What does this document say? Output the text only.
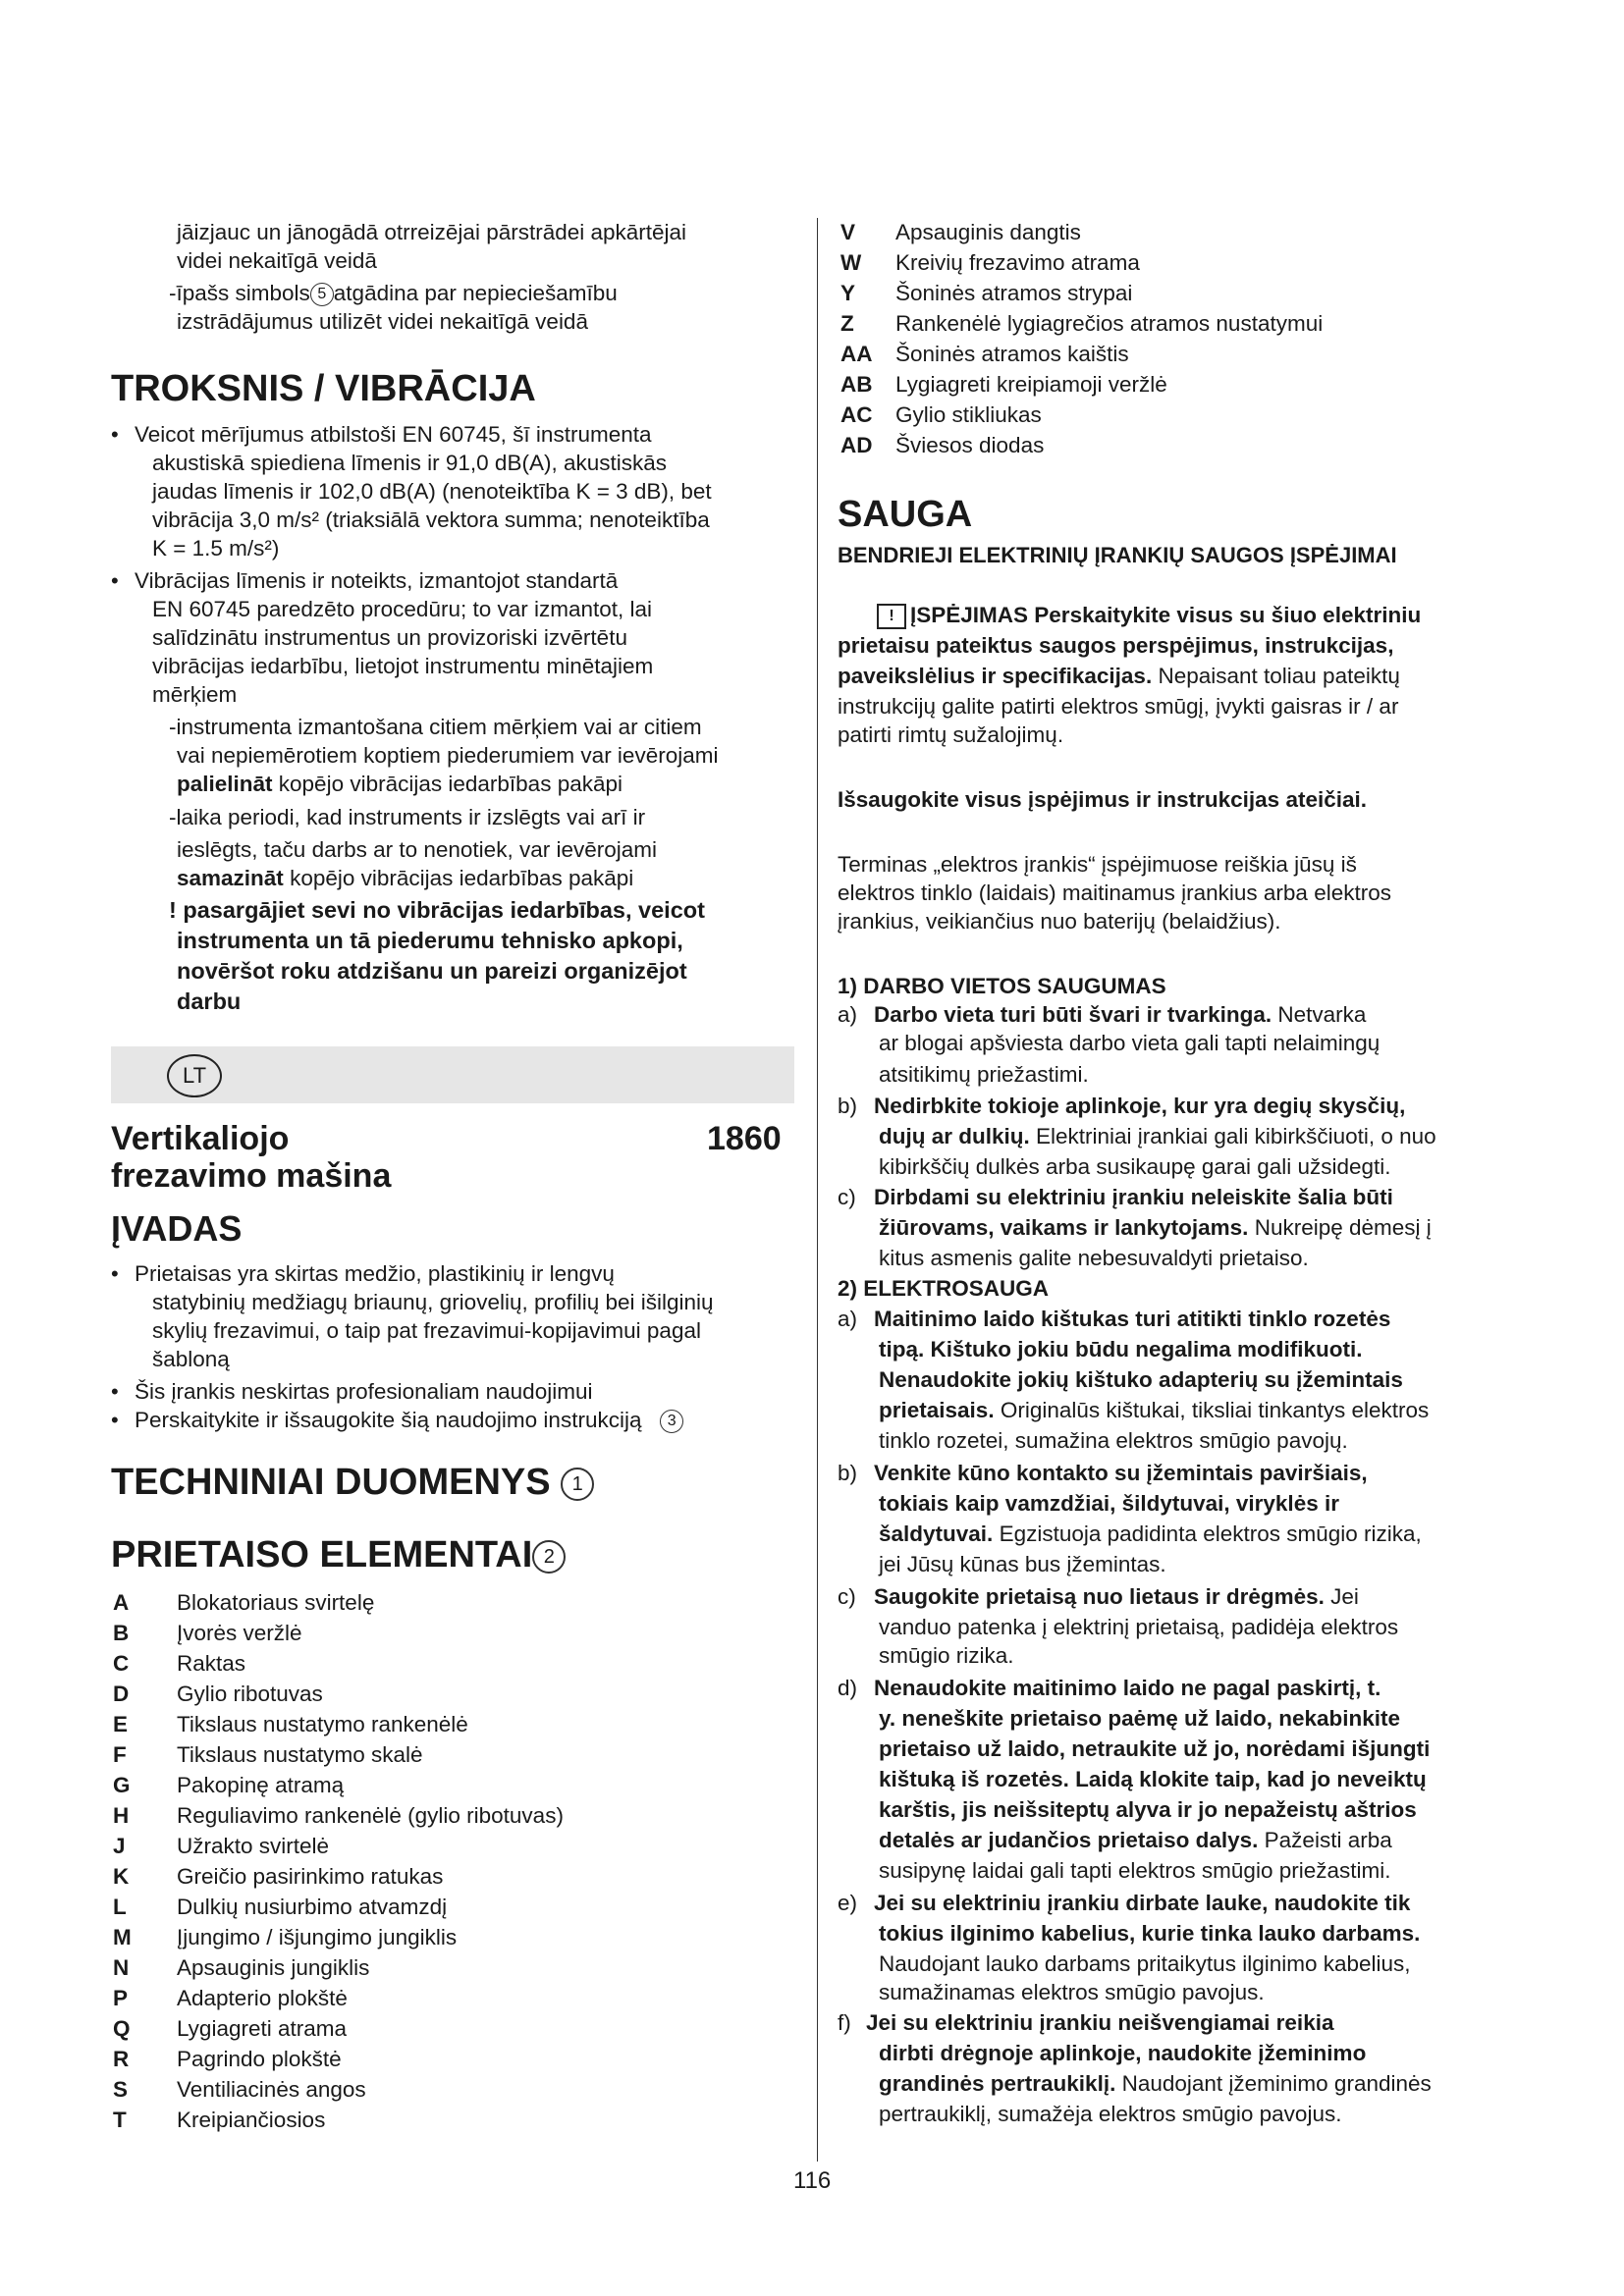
jāizjauc un jānogādā otrreizējai pārstrādei apkārtējai
videi nekaitīgā veidā
-īpašs simbols 5 atgādina par nepieciešamību
izstrādājumus utilizēt videi nekaitīgā veidā
TROKSNIS / VIBRĀCIJA
• Veicot mērījumus atbilstoši EN 60745, šī instrumenta
akustiskā spiediena līmenis ir 91,0 dB(A), akustiskās
jaudas līmenis ir 102,0 dB(A) (nenoteiktība K = 3 dB), bet
vibrācija 3,0 m/s² (triaksiālā vektora summa; nenoteiktība
K = 1.5 m/s²)
• Vibrācijas līmenis ir noteikts, izmantojot standartā
EN 60745 paredzēto procedūru; to var izmantot, lai
salīdzinātu instrumentus un provizoriski izvērtētu
vibrācijas iedarbību, lietojot instrumentu minētajiem
mērķiem
-instrumenta izmantošana citiem mērķiem vai ar citiem
vai nepiemērotiem koptiem piederumiem var ievērojami
palielināt kopējo vibrācijas iedarbības pakāpi
-laika periodi, kad instruments ir izslēgts vai arī ir
ieslēgts, taču darbs ar to nenotiek, var ievērojami
samazināt kopējo vibrācijas iedarbības pakāpi
! pasargājiet sevi no vibrācijas iedarbības, veicot
instrumenta un tā piederumu tehnisko apkopi,
novēršot roku atdzišanu un pareizi organizējot
darbu
LT
Vertikaliojo	1860
frezavimo mašina
ĮVADAS
• Prietaisas yra skirtas medžio, plastikinių ir lengvų
statybinių medžiagų briaunų, griovelių, profilių bei išilginių
skylių frezavimui, o taip pat frezavimui-kopijavimui pagal
šabloną
• Šis įrankis neskirtas profesionaliam naudojimui
• Perskaitykite ir išsaugokite šią naudojimo instrukciją 3
TECHNINIAI DUOMENYS 1
PRIETAISO ELEMENTAI 2
A Blokatoriaus svirtelę
B Įvorės veržlė
C Raktas
D Gylio ribotuvas
E Tikslaus nustatymo rankenėlė
F Tikslaus nustatymo skalė
G Pakopinę atramą
H Reguliavimo rankenėlė (gylio ribotuvas)
J Užrakto svirtelė
K Greičio pasirinkimo ratukas
L Dulkių nusiurbimo atvamzdį
M Įjungimo / išjungimo jungiklis
N Apsauginis jungiklis
P Adapterio plokštė
Q Lygiagreti atrama
R Pagrindo plokštė
S Ventiliacinės angos
T Kreipiančiosios
V Apsauginis dangtis
W Kreivių frezavimo atrama
Y Šoninės atramos strypai
Z Rankenėlė lygiagrečios atramos nustatymui
AA Šoninės atramos kaištis
AB Lygiagreti kreipiamoji veržlė
AC Gylio stikliukas
AD Šviesos diodas
SAUGA
BENDRIEJI ELEKTRINIŲ ĮRANKIŲ SAUGOS ĮSPĖJIMAI
! ĮSPĖJIMAS Perskaitykite visus su šiuo elektriniu
prietaisu pateiktus saugos perspėjimus, instrukcijas,
paveikslėlius ir specifikacijas. Nepaisant toliau pateiktų
instrukcijų galite patirti elektros smūgį, įvykti gaisras ir / ar
patirti rimtų sužalojimų.
Išsaugokite visus įspėjimus ir instrukcijas ateičiai.
Terminas „elektros įrankis“ įspėjimuose reiškia jūsų iš
elektros tinklo (laidais) maitinamus įrankius arba elektros
įrankius, veikiančius nuo baterijų (belaidžius).
1) DARBO VIETOS SAUGUMAS
a) Darbo vieta turi būti švari ir tvarkinga. Netvarka
ar blogai apšviesta darbo vieta gali tapti nelaimingų
atsitikimų priežastimi.
b) Nedirbkite tokioje aplinkoje, kur yra degių skysčių,
dujų ar dulkių. Elektriniai įrankiai gali kibirkščiuoti, o nuo
kibirkščių dulkės arba susikaupę garai gali užsidegti.
c) Dirbdami su elektriniu įrankiu neleiskite šalia būti
žiūrovams, vaikams ir lankytojams. Nukreipę dėmesį į
kitus asmenis galite nebesuvaldyti prietaiso.
2) ELEKTROSAUGA
a) Maitinimo laido kištukas turi atitikti tinklo rozetės
tipą. Kištuko jokiu būdu negalima modifikuoti.
Nenaudokite jokių kištuko adapterių su įžemintais
prietaisais. Originalūs kištukai, tiksliai tinkantys elektros
tinklo rozetei, sumažina elektros smūgio pavojų.
b) Venkite kūno kontakto su įžemintais paviršiais,
tokiais kaip vamzdžiai, šildytuvai, viryklės ir
šaldytuvai. Egzistuoja padidinta elektros smūgio rizika,
jei Jūsų kūnas bus įžemintas.
c) Saugokite prietaisą nuo lietaus ir drėgmės. Jei
vanduo patenka į elektrinį prietaisą, padidėja elektros
smūgio rizika.
d) Nenaudokite maitinimo laido ne pagal paskirtį, t.
y. neneškite prietaiso paėmę už laido, nekabinkite
prietaiso už laido, netraukite už jo, norėdami išjungti
kištuką iš rozetės. Laidą klokite taip, kad jo neveiktų
karštis, jis neišsiteptų alyva ir jo nepažeistų aštrios
detalės ar judančios prietaiso dalys. Pažeisti arba
susipynę laidai gali tapti elektros smūgio priežastimi.
e) Jei su elektriniu įrankiu dirbate lauke, naudokite tik
tokius ilginimo kabelius, kurie tinka lauko darbams.
Naudojant lauko darbams pritaikytus ilginimo kabelius,
sumažinamas elektros smūgio pavojus.
f) Jei su elektriniu įrankiu neišvengiamai reikia
dirbti drėgnoje aplinkoje, naudokite įžeminimo
grandinės pertraukiklį. Naudojant įžeminimo grandinės
pertraukiklį, sumažėja elektros smūgio pavojus.
116
